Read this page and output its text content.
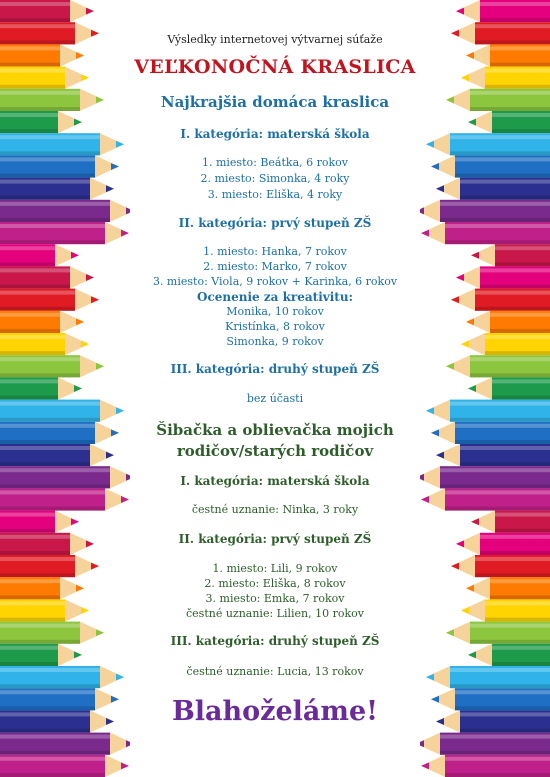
Výsledky internetovej výtvarnej súťaže
VEĽKONOČNÁ KRASLICA
Najkrajšia domáca kraslica
I. kategória: materská škola
1. miesto: Beátka, 6 rokov
2. miesto: Simonka, 4 roky
3. miesto: Eliška, 4 roky
II. kategória: prvý stupeň ZŠ
1. miesto: Hanka, 7 rokov
2. miesto: Marko, 7 rokov
3. miesto: Viola, 9 rokov + Karinka, 6 rokov
Ocenenie za kreativitu:
Monika, 10 rokov
Kristínka, 8 rokov
Simonka, 9 rokov
III. kategória: druhý stupeň ZŠ
bez účasti
Šibačka a oblievačka mojich
rodičov/starých rodičov
I. kategória: materská škola
čestné uznanie: Ninka, 3 roky
II. kategória: prvý stupeň ZŠ
1. miesto: Lili, 9 rokov
2. miesto: Eliška, 8 rokov
3. miesto: Emka, 7 rokov
čestné uznanie: Lilien, 10 rokov
III. kategória: druhý stupeň ZŠ
čestné uznanie: Lucia, 13 rokov
Blahoželáme!
